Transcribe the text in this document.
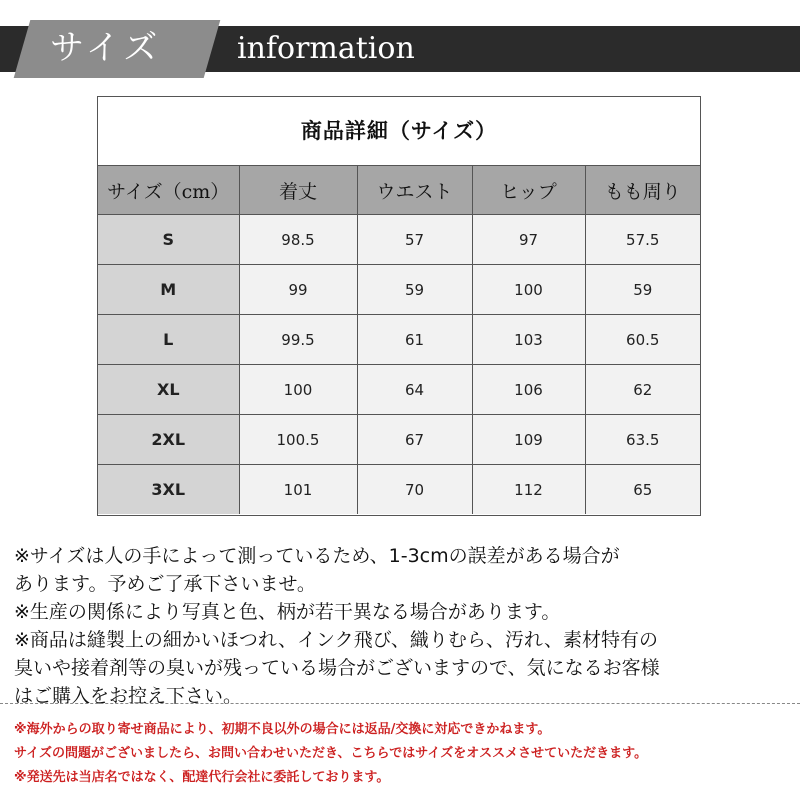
サイズ	information
商品詳細（サイズ）
サイズ（cm）	着丈	ウエスト	ヒップ	もも周り
S	98.5	57	97	57.5
M	99	59	100	59
L	99.5	61	103	60.5
XL	100	64	106	62
2XL	100.5	67	109	63.5
3XL	101	70	112	65

※サイズは人の手によって測っているため、1-3cmの誤差がある場合が

あります。予めご了承下さいませ。

※生産の関係により写真と色、柄が若干異なる場合があります。

※商品は縫製上の細かいほつれ、インク飛び、織りむら、汚れ、素材特有の

臭いや接着剤等の臭いが残っている場合がございますので、気になるお客様

はご購入をお控え下さい。

※海外からの取り寄せ商品により、初期不良以外の場合には返品/交換に対応できかねます。

サイズの問題がございましたら、お問い合わせいただき、こちらではサイズをオススメさせていただきます。

※発送先は当店名ではなく、配達代行会社に委託しております。
